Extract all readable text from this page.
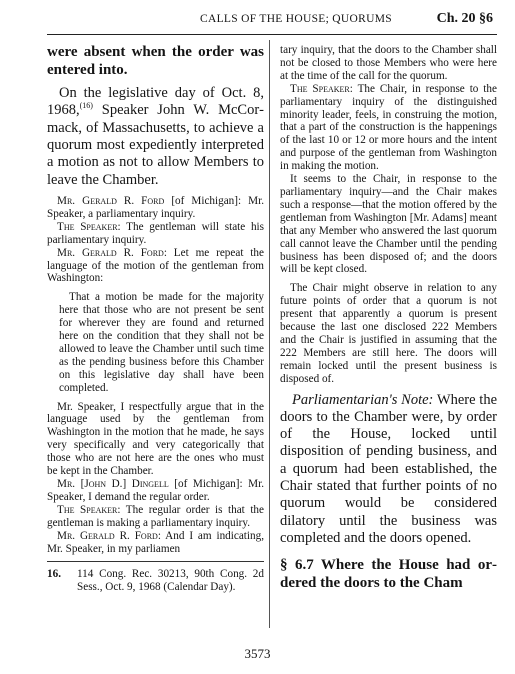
CALLS OF THE HOUSE; QUORUMS	Ch. 20 §6

were absent when the order was entered into.

On the legislative day of Oct. 8, 1968,$^{(16)}$ Speaker John W. McCormack, of Massachusetts, to achieve a quorum most expediently interpreted a motion as not to allow Members to leave the Chamber.

Mr. Gerald R. Ford [of Michigan]: Mr. Speaker, a parliamentary inquiry.

The Speaker: The gentleman will state his parliamentary inquiry.

Mr. Gerald R. Ford: Let me repeat the language of the motion of the gentleman from Washington:

That a motion be made for the majority here that those who are not present be sent for wherever they are found and returned here on the condition that they shall not be allowed to leave the Chamber until such time as the pending business before this Chamber on this legislative day shall have been completed.

Mr. Speaker, I respectfully argue that in the language used by the gentleman from Washington in the motion that he made, he says very specifically and very categorically that those who are not here are the ones who must be kept in the Chamber.

Mr. [John D.] Dingell [of Michigan]: Mr. Speaker, I demand the regular order.

The Speaker: The regular order is that the gentleman is making a parliamentary inquiry.

Mr. Gerald R. Ford: And I am indicating, Mr. Speaker, in my parliamen

16.	114 Cong. Rec. 30213, 90th Cong. 2d Sess., Oct. 9, 1968 (Calendar Day).

tary inquiry, that the doors to the Chamber shall not be closed to those Members who were here at the time of the call for the quorum.

The Speaker: The Chair, in response to the parliamentary inquiry of the distinguished minority leader, feels, in construing the motion, that a part of the construction is the happenings of the last 10 or 12 or more hours and the intent and purpose of the gentleman from Washington in making the motion.

It seems to the Chair, in response to the parliamentary inquiry—and the Chair makes such a response—that the motion offered by the gentleman from Washington [Mr. Adams] meant that any Member who answered the last quorum call cannot leave the Chamber until the pending business has been disposed of; and the doors will be kept closed.

The Chair might observe in relation to any future points of order that a quorum is not present that apparently a quorum is present because the last one disclosed 222 Members and the Chair is justified in assuming that the 222 Members are still here. The doors will remain locked until the present business is disposed of.

Parliamentarian's Note: Where the doors to the Chamber were, by order of the House, locked until disposition of pending business, and a quorum had been established, the Chair stated that further points of no quorum would be considered dilatory until the business was completed and the doors opened.

§ 6.7 Where the House had ordered the doors to the Cham

3573
